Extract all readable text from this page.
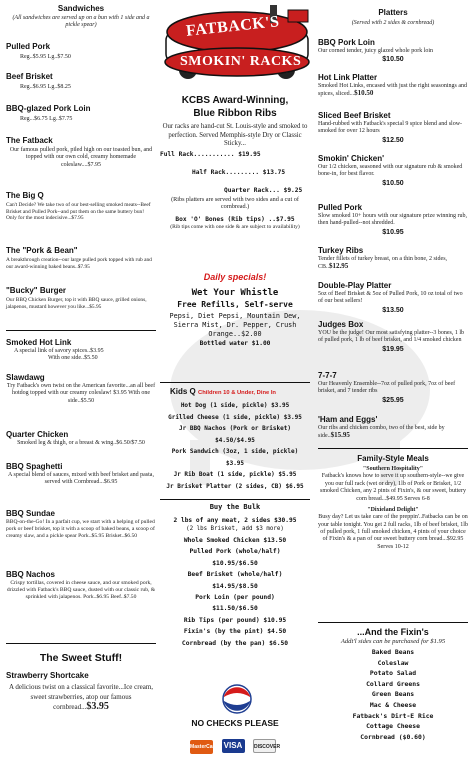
Sandwiches
(All sandwiches are served up on a bun with 1 side and a pickle spear)
Pulled Pork
Reg..$5.95 Lg..$7.50
Beef Brisket
Reg..$6.95 Lg..$8.25
BBQ-glazed Pork Loin
Reg...$6.75 Lg..$7.75
The Fatback
Our famous pulled pork, piled high on our toasted bun, and topped with our own cold, creamy homemade coleslaw....$7.95
The Big Q
Can't Decide? We take two of our best-selling smoked meats--Beef Brisket and Pulled Pork--and put them on the same buttery bun! Only for the most indecisive...$7.95
The "Pork & Bean"
A breakthrough creation--our large pulled pork topped with rub and our award-winning baked beans..$7.95
"Bucky" Burger
Our BBQ Chicken Burger, top it with BBQ sauce, grilled onions, jalapenos, mustard however you like...$5.95
Smoked Hot Link
A special link of savory spices..$3.95
With one side..$5.50
Slawdawg
Try Fatback's own twist on the American favorite...an all beef hotdog topped with our creamy coleslaw! $3.95 With one side..$5.50
Quarter Chicken
Smoked leg & thigh, or a breast & wing..$6.50/$7.50
BBQ Spaghetti
A special blend of sauces, mixed with beef brisket and pasta, served with Cornbread...$6.95
BBQ Sundae
BBQ-on-the-Go! In a parfait cup, we start with a helping of pulled pork or beef brisket, top it with a scoop of baked beans, a scoop of creamy slaw, and a pickle spear Pork..$5.95 Brisket..$6.50
BBQ Nachos
Crispy tortillas, covered in cheese sauce, and our smoked pork, drizzled with Fatback's BBQ sauce, dusted with our classic rub, & sprinkled with jalapenos. Pork..$6.95 Beef..$7.50
The Sweet Stuff!
Strawberry Shortcake
A delicious twist on a classical favorite...Ice cream, sweet strawberries, atop our famous cornbread...$3.95
FATBACK'S
SMOKIN' RACKS
KCBS Award-Winning,
Blue Ribbon Ribs
Our racks are hand-cut St. Louis-style and smoked to perfection. Served Memphis-style Dry or Classic Sticky...
Full Rack........... $19.95
Half Rack......... $13.75
Quarter Rack... $9.25
(Ribs platters are served with two sides and a cut of cornbread.)
Box 'O' Bones (Rib tips) ..$7.95
(Rib tips come with one side & are subject to availability)
Daily specials!
Wet Your Whistle
Free Refills, Self-serve
Pepsi, Diet Pepsi, Mountain Dew, Sierra Mist, Dr. Pepper, Crush Orange..$2.00
Bottled water $1.00
Kids Q Children 10 & Under, Dine In
Hot Dog (1 side, pickle) $3.95
Grilled Cheese (1 side, pickle) $3.95
Jr BBQ Nachos (Pork or Brisket)
$4.50/$4.95
Pork Sandwich (3oz, 1 side, pickle)
$3.95
Jr Rib Boat (1 side, pickle) $5.95
Jr Brisket Platter (2 sides, CB) $6.95
Buy the Bulk
2 lbs of any meat, 2 sides $30.95
(2 lbs Brisket, add $3 more)
Whole Smoked Chicken $13.50
Pulled Pork (whole/half)
$10.95/$6.50
Beef Brisket (whole/half)
$14.95/$8.50
Pork Loin (per pound)
$11.50/$6.50
Rib Tips (per pound) $10.95
Fixin's (by the pint) $4.50
Cornbread (by the pan) $6.50
NO CHECKS PLEASE
MasterCard VISA DISCOVER
Platters
(Served with 2 sides & cornbread)
BBQ Pork Loin
Our corned tender, juicy glazed whole pork loin
$10.50
Hot Link Platter
Smoked Hot Links, encased with just the right seasonings and spices, sliced...$10.50
Sliced Beef Brisket
Hand-rubbed with Fatback's special 9 spice blend and slow-smoked for over 12 hours
$12.50
Smokin' Chicken'
Our 1/2 chicken, seasoned with our signature rub & smoked bone-in, for best flavor.
$10.50
Pulled Pork
Slow smoked 10+ hours with our signature prize winning rub, then hand-pulled--not shredded.
$10.95
Turkey Ribs
Tender fillets of turkey breast, on a thin bone, 2 sides, CB..$12.95
Double-Play Platter
5oz of Beef Brisket & 5oz of Pulled Pork, 10 oz total of two of our best sellers!
$13.50
Judges Box
YOU be the judge! Our most satisfying platter--3 bones, 1 lb of pulled pork, 1 lb of beef brisket, and 1/4 smoked chicken
$19.95
7-7-7
Our Heavenly Ensemble--7oz of pulled pork, 7oz of beef brisket, and 7 tender ribs
$25.95
'Ham and Eggs'
Our ribs and chicken combo, two of the best, side by side..$15.95
Family-Style Meals
"Southern Hospitality"
Fatback's knows how to serve it up southern-style--we give you our full rack (wet or dry), 1lb of Pork or Brisket, 1/2 smoked Chicken, any 2 pints of Fixin's, & our sweet, buttery corn bread...$49.95 Serves 6-8
"Dixieland Delight"
Busy day? Let us take care of the preppin'..Fatbacks can be on your table tonight. You get 2 full racks, 1lb of beef brisket, 1lb of pulled pork, 1 full smoked chicken, 4 pints of your choice of Fixin's & a pan of our sweet buttery corn bread...$92.95 Serves 10-12
...And the Fixin's
Addt'l sides can be purchased for $1.95
Baked Beans
Coleslaw
Potato Salad
Collard Greens
Green Beans
Mac & Cheese
Fatback's Dirt-E Rice
Cottage Cheese
Cornbread ($0.60)
